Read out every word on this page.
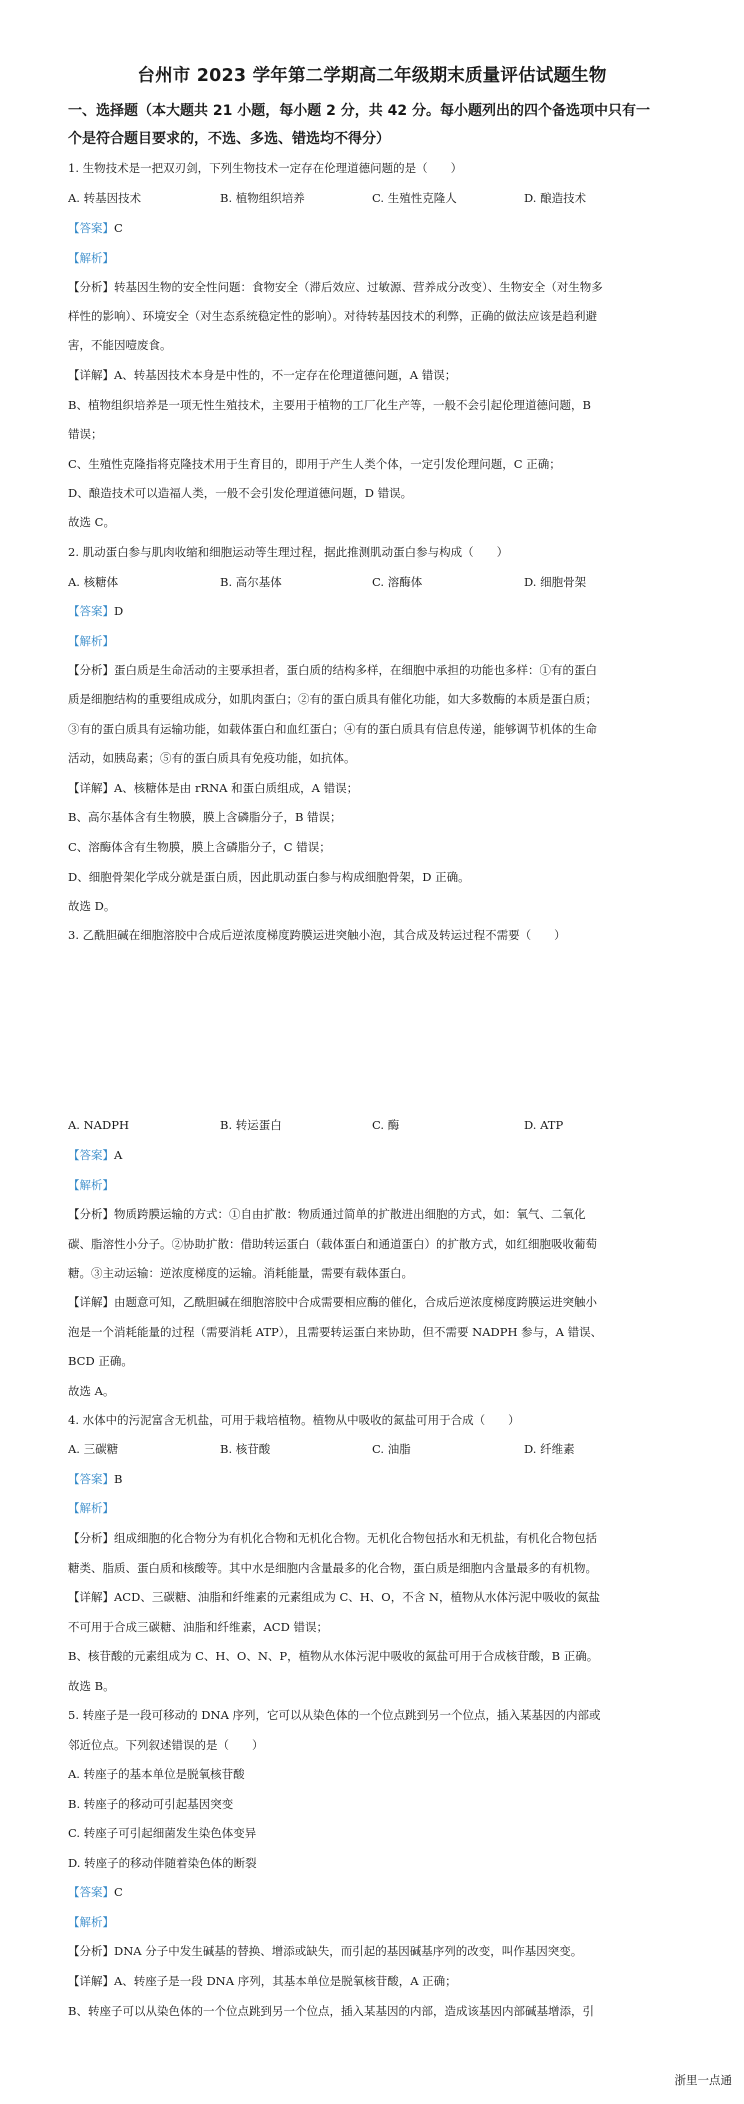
台州市 2023 学年第二学期高二年级期末质量评估试题生物
一、选择题（本大题共 21 小题，每小题 2 分，共 42 分。每小题列出的四个备选项中只有一
个是符合题目要求的，不选、多选、错选均不得分）
1. 生物技术是一把双刃剑，下列生物技术一定存在伦理道德问题的是（　　）
A. 转基因技术	B. 植物组织培养	C. 生殖性克隆人	D. 酿造技术
【答案】C
【解析】
【分析】转基因生物的安全性问题：食物安全（滞后效应、过敏源、营养成分改变）、生物安全（对生物多
样性的影响）、环境安全（对生态系统稳定性的影响）。对待转基因技术的利弊，正确的做法应该是趋利避
害，不能因噎废食。
【详解】A、转基因技术本身是中性的，不一定存在伦理道德问题，A 错误；
B、植物组织培养是一项无性生殖技术，主要用于植物的工厂化生产等，一般不会引起伦理道德问题，B
错误；
C、生殖性克隆指将克隆技术用于生育目的，即用于产生人类个体，一定引发伦理问题，C 正确；
D、酿造技术可以造福人类，一般不会引发伦理道德问题，D 错误。
故选 C。
2. 肌动蛋白参与肌肉收缩和细胞运动等生理过程，据此推测肌动蛋白参与构成（　　）
A. 核糖体	B. 高尔基体	C. 溶酶体	D. 细胞骨架
【答案】D
【解析】
【分析】蛋白质是生命活动的主要承担者，蛋白质的结构多样，在细胞中承担的功能也多样：①有的蛋白
质是细胞结构的重要组成成分，如肌肉蛋白；②有的蛋白质具有催化功能，如大多数酶的本质是蛋白质；
③有的蛋白质具有运输功能，如载体蛋白和血红蛋白；④有的蛋白质具有信息传递，能够调节机体的生命
活动，如胰岛素；⑤有的蛋白质具有免疫功能，如抗体。
【详解】A、核糖体是由 rRNA 和蛋白质组成，A 错误；
B、高尔基体含有生物膜，膜上含磷脂分子，B 错误；
C、溶酶体含有生物膜，膜上含磷脂分子，C 错误；
D、细胞骨架化学成分就是蛋白质，因此肌动蛋白参与构成细胞骨架，D 正确。
故选 D。
3. 乙酰胆碱在细胞溶胶中合成后逆浓度梯度跨膜运进突触小泡，其合成及转运过程不需要（　　）
A. NADPH	B. 转运蛋白	C. 酶	D. ATP
【答案】A
【解析】
【分析】物质跨膜运输的方式：①自由扩散：物质通过简单的扩散进出细胞的方式，如：氧气、二氧化
碳、脂溶性小分子。②协助扩散：借助转运蛋白（载体蛋白和通道蛋白）的扩散方式，如红细胞吸收葡萄
糖。③主动运输：逆浓度梯度的运输。消耗能量，需要有载体蛋白。
【详解】由题意可知，乙酰胆碱在细胞溶胶中合成需要相应酶的催化，合成后逆浓度梯度跨膜运进突触小
泡是一个消耗能量的过程（需要消耗 ATP），且需要转运蛋白来协助，但不需要 NADPH 参与，A 错误、
BCD 正确。
故选 A。
4. 水体中的污泥富含无机盐，可用于栽培植物。植物从中吸收的氮盐可用于合成（　　）
A. 三碳糖	B. 核苷酸	C. 油脂	D. 纤维素
【答案】B
【解析】
【分析】组成细胞的化合物分为有机化合物和无机化合物。无机化合物包括水和无机盐，有机化合物包括
糖类、脂质、蛋白质和核酸等。其中水是细胞内含量最多的化合物，蛋白质是细胞内含量最多的有机物。
【详解】ACD、三碳糖、油脂和纤维素的元素组成为 C、H、O，不含 N，植物从水体污泥中吸收的氮盐
不可用于合成三碳糖、油脂和纤维素，ACD 错误；
B、核苷酸的元素组成为 C、H、O、N、P，植物从水体污泥中吸收的氮盐可用于合成核苷酸，B 正确。
故选 B。
5. 转座子是一段可移动的 DNA 序列，它可以从染色体的一个位点跳到另一个位点，插入某基因的内部或
邻近位点。下列叙述错误的是（　　）
A. 转座子的基本单位是脱氧核苷酸
B. 转座子的移动可引起基因突变
C. 转座子可引起细菌发生染色体变异
D. 转座子的移动伴随着染色体的断裂
【答案】C
【解析】
【分析】DNA 分子中发生碱基的替换、增添或缺失，而引起的基因碱基序列的改变，叫作基因突变。
【详解】A、转座子是一段 DNA 序列，其基本单位是脱氧核苷酸，A 正确；
B、转座子可以从染色体的一个位点跳到另一个位点，插入某基因的内部，造成该基因内部碱基增添，引
浙里一点通
